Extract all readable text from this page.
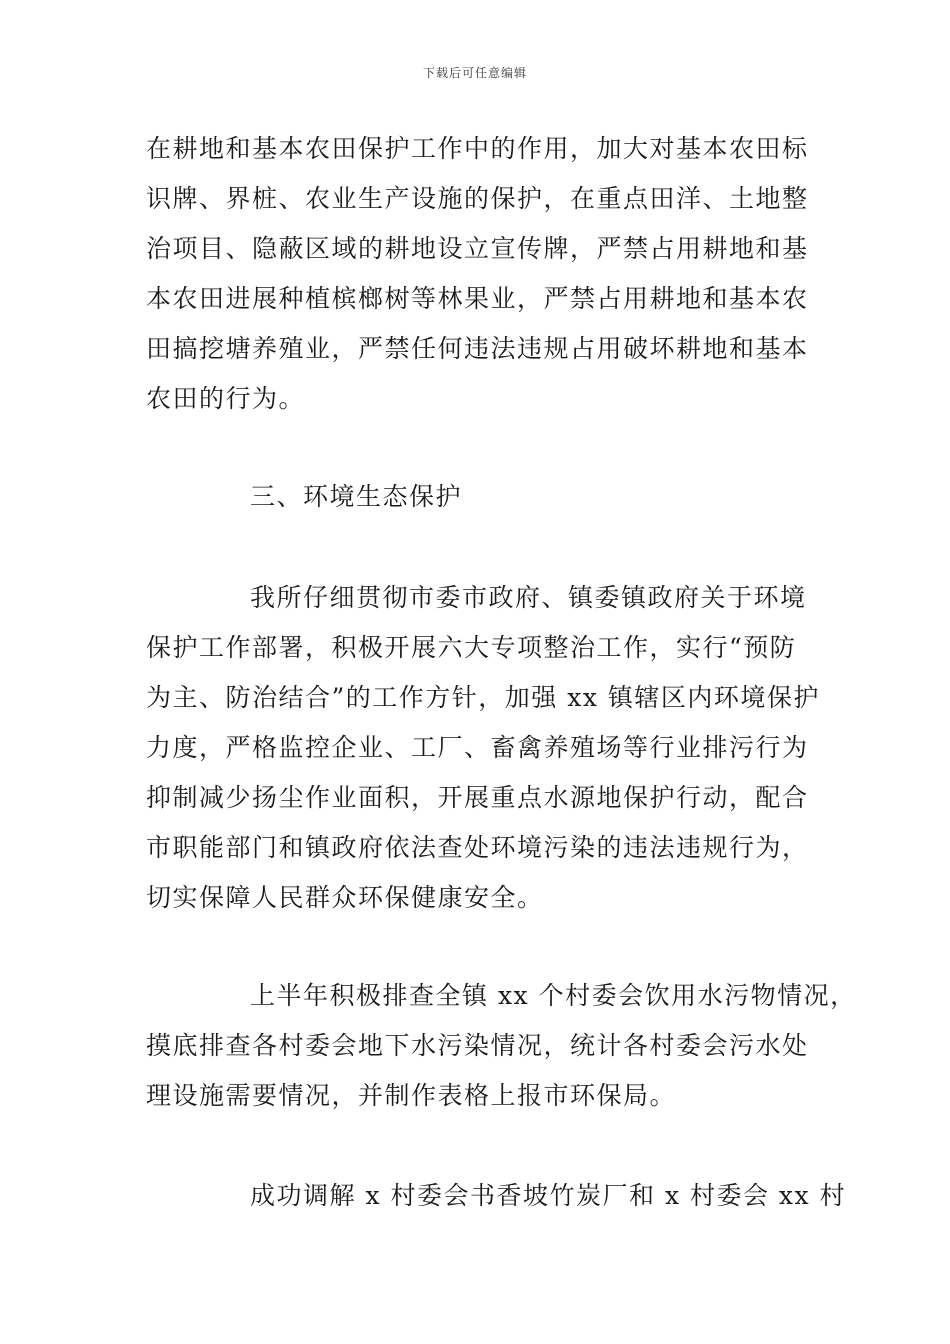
下载后可任意编辑
在耕地和基本农田保护工作中的作用，加大对基本农田标
识牌、界桩、农业生产设施的保护，在重点田洋、土地整
治项目、隐蔽区域的耕地设立宣传牌，严禁占用耕地和基
本农田进展种植槟榔树等林果业，严禁占用耕地和基本农
田搞挖塘养殖业，严禁任何违法违规占用破坏耕地和基本
农田的行为。
三、环境生态保护
我所仔细贯彻市委市政府、镇委镇政府关于环境
保护工作部署，积极开展六大专项整治工作，实行“预防
为主、防治结合”的工作方针，加强 xx 镇辖区内环境保护
力度，严格监控企业、工厂、畜禽养殖场等行业排污行为
抑制减少扬尘作业面积，开展重点水源地保护行动，配合
市职能部门和镇政府依法查处环境污染的违法违规行为，
切实保障人民群众环保健康安全。
上半年积极排查全镇 xx 个村委会饮用水污物情况，
摸底排查各村委会地下水污染情况，统计各村委会污水处
理设施需要情况，并制作表格上报市环保局。
成功调解 x 村委会书香坡竹炭厂和 x 村委会 xx 村
